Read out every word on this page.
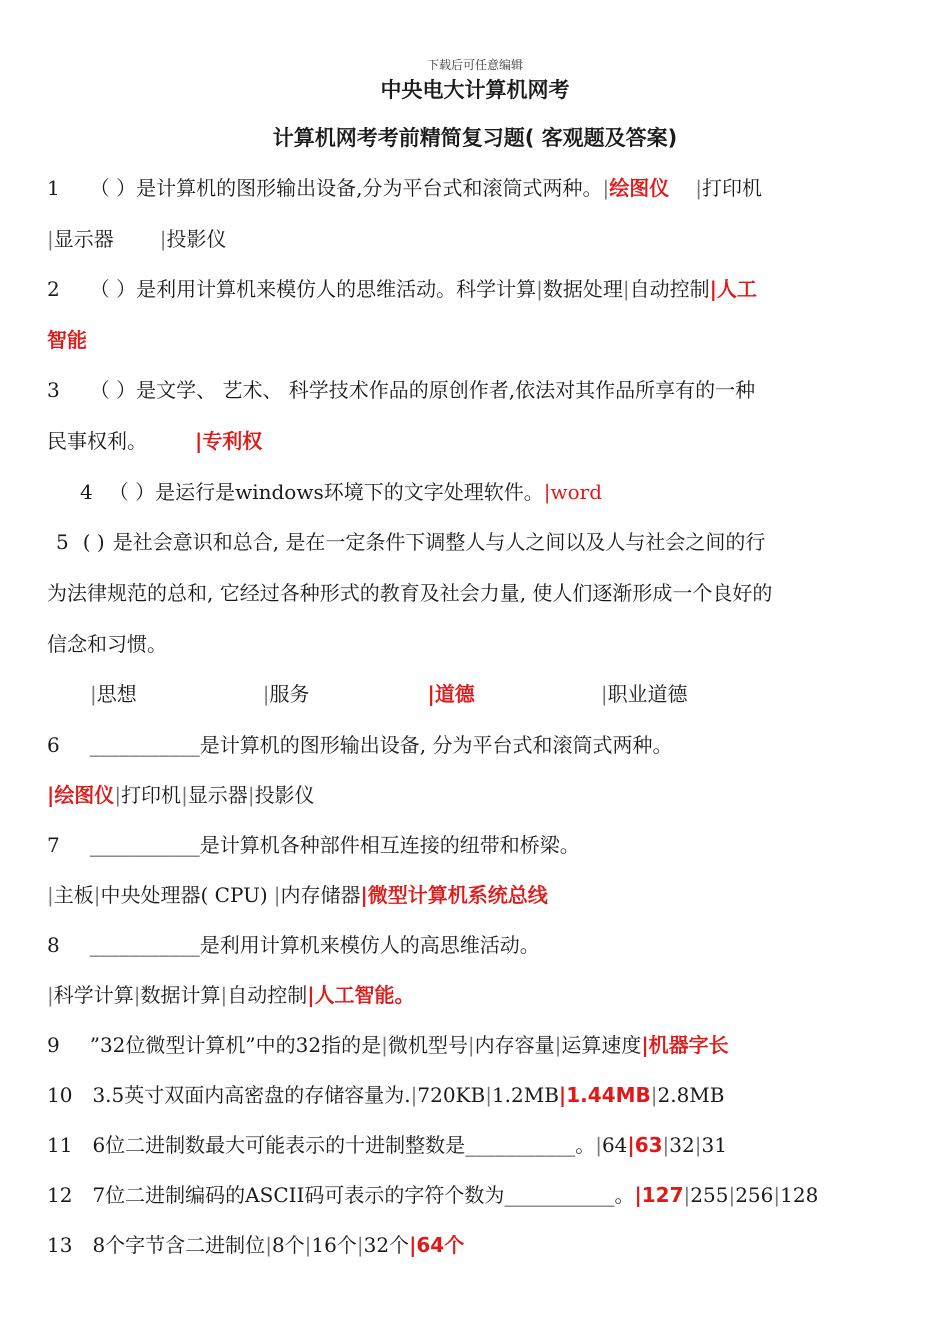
下载后可任意编辑
中央电大计算机网考
计算机网考考前精简复习题( 客观题及答案)
1 （ ）是计算机的图形输出设备,分为平台式和滚筒式两种。|绘图仪 |打印机
|显示器 |投影仪
2 （ ）是利用计算机来模仿人的思维活动。科学计算|数据处理|自动控制|人工
智能
3 （ ）是文学、 艺术、 科学技术作品的原创作者,依法对其作品所享有的一种
民事权利。 |专利权
4 （ ）是运行是windows环境下的文字处理软件。|word
5 ( ) 是社会意识和总合, 是在一定条件下调整人与人之间以及人与社会之间的行
为法律规范的总和, 它经过各种形式的教育及社会力量, 使人们逐渐形成一个良好的
信念和习惯。
|思想	|服务	|道德	|职业道德
6 ___________是计算机的图形输出设备, 分为平台式和滚筒式两种。
|绘图仪|打印机|显示器|投影仪
7 ___________是计算机各种部件相互连接的纽带和桥梁。
|主板|中央处理器( CPU) |内存储器|微型计算机系统总线
8 ___________是利用计算机来模仿人的高思维活动。
|科学计算|数据计算|自动控制|人工智能。
9 ”32位微型计算机”中的32指的是|微机型号|内存容量|运算速度|机器字长
10 3.5英寸双面内高密盘的存储容量为.|720KB|1.2MB|1.44MB|2.8MB
11 6位二进制数最大可能表示的十进制整数是___________。|64|63|32|31
12 7位二进制编码的ASCII码可表示的字符个数为___________。|127|255|256|128
13 8个字节含二进制位|8个|16个|32个|64个
